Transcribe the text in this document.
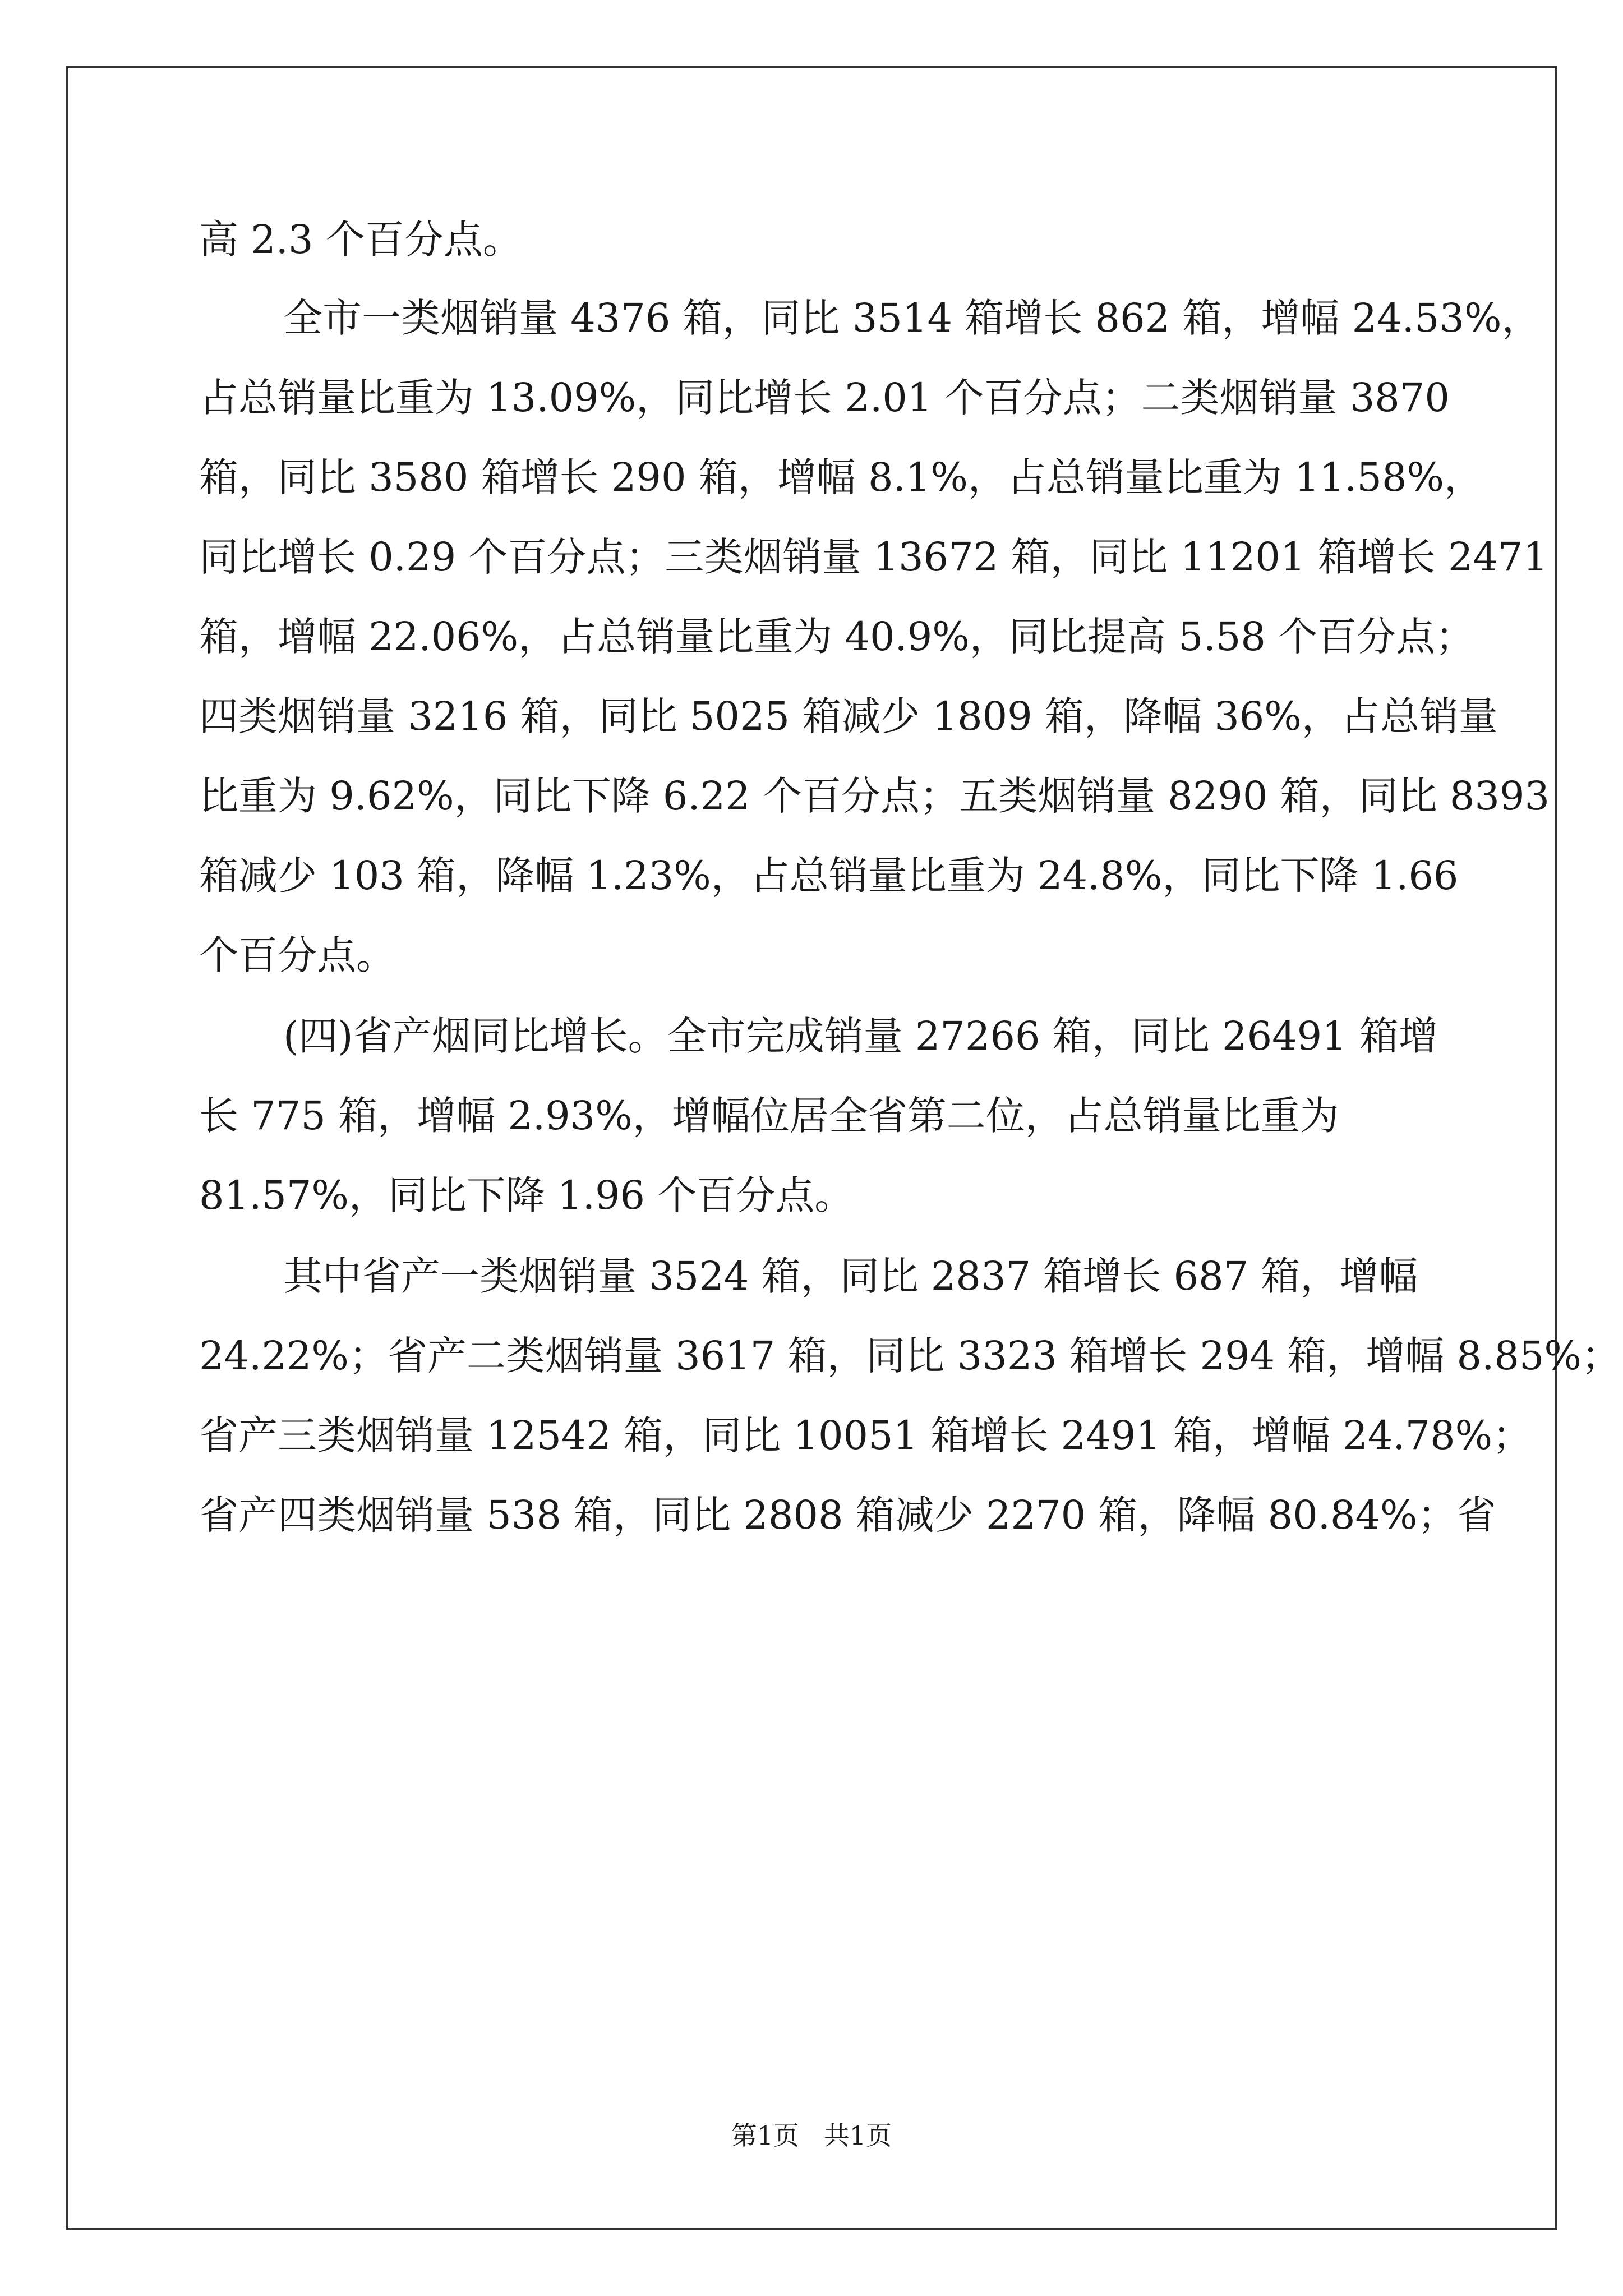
高 2.3 个百分点。
全市一类烟销量 4376 箱，同比 3514 箱增长 862 箱，增幅 24.53%，
占总销量比重为 13.09%，同比增长 2.01 个百分点；二类烟销量 3870
箱，同比 3580 箱增长 290 箱，增幅 8.1%，占总销量比重为 11.58%，
同比增长 0.29 个百分点；三类烟销量 13672 箱，同比 11201 箱增长 2471
箱，增幅 22.06%，占总销量比重为 40.9%，同比提高 5.58 个百分点；
四类烟销量 3216 箱，同比 5025 箱减少 1809 箱，降幅 36%，占总销量
比重为 9.62%，同比下降 6.22 个百分点；五类烟销量 8290 箱，同比 8393
箱减少 103 箱，降幅 1.23%，占总销量比重为 24.8%，同比下降 1.66
个百分点。
(四)省产烟同比增长。全市完成销量 27266 箱，同比 26491 箱增
长 775 箱，增幅 2.93%，增幅位居全省第二位，占总销量比重为
81.57%，同比下降 1.96 个百分点。
其中省产一类烟销量 3524 箱，同比 2837 箱增长 687 箱，增幅
24.22%；省产二类烟销量 3617 箱，同比 3323 箱增长 294 箱，增幅 8.85%；
省产三类烟销量 12542 箱，同比 10051 箱增长 2491 箱，增幅 24.78%；
省产四类烟销量 538 箱，同比 2808 箱减少 2270 箱，降幅 80.84%；省
第1页   共1页
